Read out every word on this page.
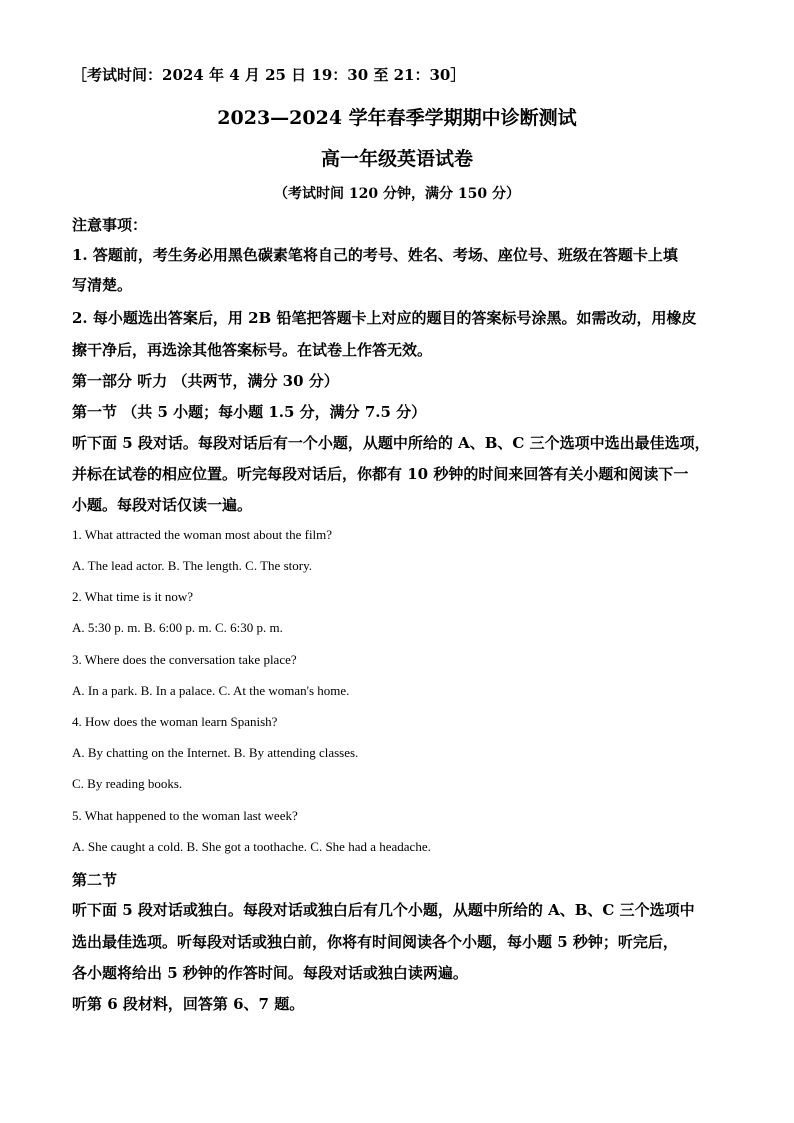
［考试时间：2024 年 4 月 25 日 19：30 至 21：30］
2023—2024 学年春季学期期中诊断测试
高一年级英语试卷
（考试时间 120 分钟，满分 150 分）
注意事项：
1. 答题前，考生务必用黑色碳素笔将自己的考号、姓名、考场、座位号、班级在答题卡上填
写清楚。
2. 每小题选出答案后，用 2B 铅笔把答题卡上对应的题目的答案标号涂黑。如需改动，用橡皮
擦干净后，再选涂其他答案标号。在试卷上作答无效。
第一部分 听力 （共两节，满分 30 分）
第一节 （共 5 小题；每小题 1.5 分，满分 7.5 分）
听下面 5 段对话。每段对话后有一个小题，从题中所给的 A、B、C 三个选项中选出最佳选项，
并标在试卷的相应位置。听完每段对话后，你都有 10 秒钟的时间来回答有关小题和阅读下一
小题。每段对话仅读一遍。
1. What attracted the woman most about the film?
A. The lead actor. B. The length. C. The story.
2. What time is it now?
A. 5:30 p. m. B. 6:00 p. m. C. 6:30 p. m.
3. Where does the conversation take place?
A. In a park. B. In a palace. C. At the woman's home.
4. How does the woman learn Spanish?
A. By chatting on the Internet. B. By attending classes.
C. By reading books.
5. What happened to the woman last week?
A. She caught a cold. B. She got a toothache. C. She had a headache.
第二节
听下面 5 段对话或独白。每段对话或独白后有几个小题，从题中所给的 A、B、C 三个选项中
选出最佳选项。听每段对话或独白前，你将有时间阅读各个小题，每小题 5 秒钟；听完后，
各小题将给出 5 秒钟的作答时间。每段对话或独白读两遍。
听第 6 段材料，回答第 6、7 题。
